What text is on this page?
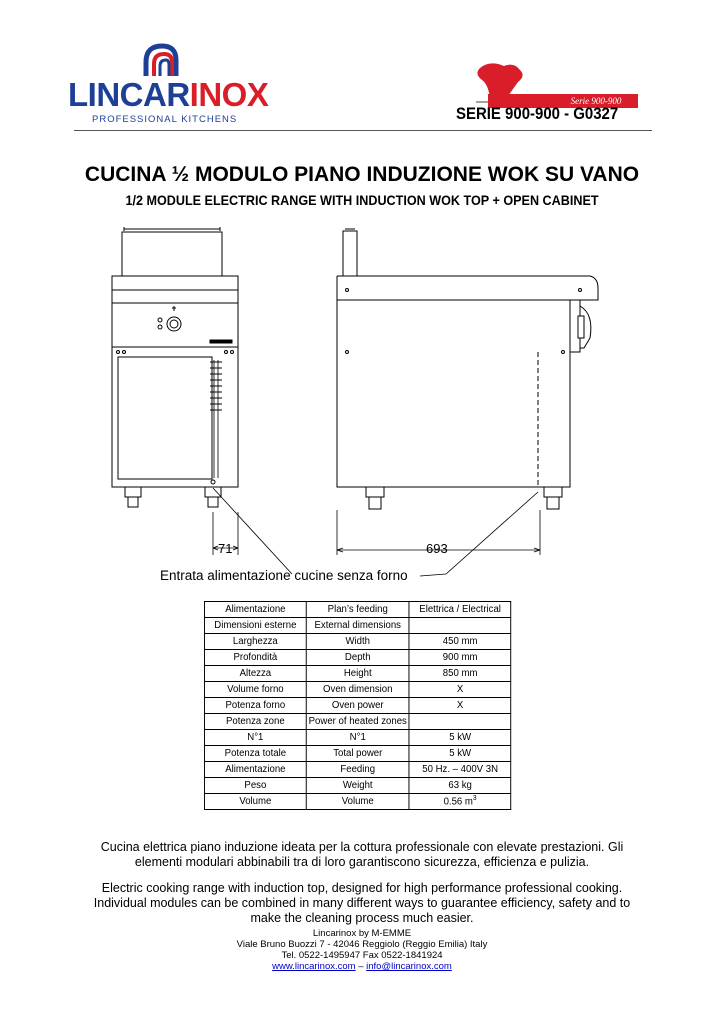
LINCARINOX
PROFESSIONAL KITCHENS
Serie 900-900
SERIE 900-900 - G0327
CUCINA ½ MODULO PIANO INDUZIONE WOK SU VANO
1/2 MODULE ELECTRIC RANGE WITH INDUCTION WOK TOP + OPEN CABINET
71	693
Entrata alimentazione cucine senza forno
Alimentazione	Plan’s feeding	Elettrica / Electrical
Dimensioni esterne	External dimensions	
Larghezza	Width	450 mm
Profondità	Depth	900 mm
Altezza	Height	850 mm
Volume forno	Oven dimension	X
Potenza forno	Oven power	X
Potenza zone	Power of heated zones	
N°1	N°1	5 kW
Potenza totale	Total power	5 kW
Alimentazione	Feeding	50 Hz. – 400V 3N
Peso	Weight	63 kg
Volume	Volume	0.56 $m^3$
Cucina elettrica piano induzione ideata per la cottura professionale con elevate prestazioni. Gli elementi modulari abbinabili tra di loro garantiscono sicurezza, efficienza e pulizia.
Electric cooking range with induction top, designed for high performance professional cooking. Individual modules can be combined in many different ways to guarantee efficiency, safety and to make the cleaning process much easier.
Lincarinox by M-EMME
Viale Bruno Buozzi 7 - 42046 Reggiolo (Reggio Emilia) Italy
Tel. 0522-1495947 Fax 0522-1841924
www.lincarinox.com – info@lincarinox.com
